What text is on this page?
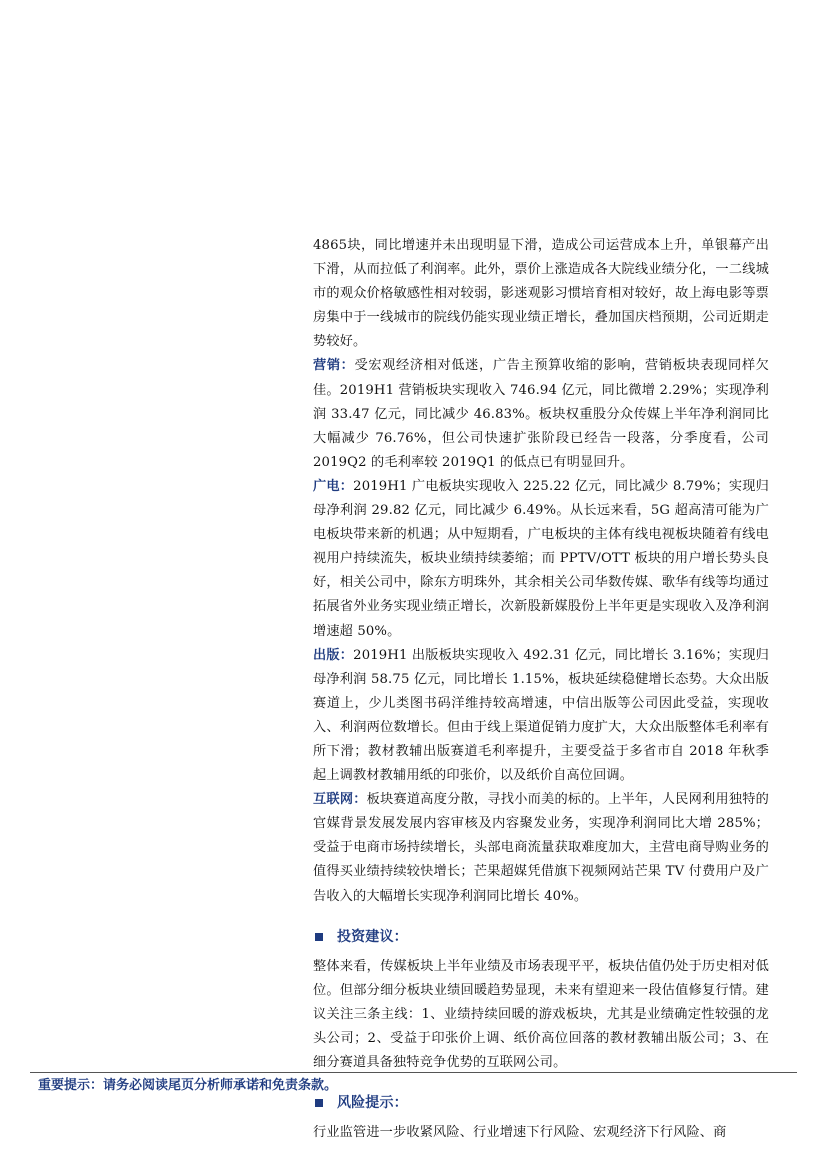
4865块，同比增速并未出现明显下滑，造成公司运营成本上升，单银幕产出下滑，从而拉低了利润率。此外，票价上涨造成各大院线业绩分化，一二线城市的观众价格敏感性相对较弱，影迷观影习惯培育相对较好，故上海电影等票房集中于一线城市的院线仍能实现业绩正增长，叠加国庆档预期，公司近期走势较好。

营销：受宏观经济相对低迷，广告主预算收缩的影响，营销板块表现同样欠佳。2019H1 营销板块实现收入 746.94 亿元，同比微增 2.29%；实现净利润 33.47 亿元，同比减少 46.83%。板块权重股分众传媒上半年净利润同比大幅减少 76.76%，但公司快速扩张阶段已经告一段落，分季度看，公司 2019Q2 的毛利率较 2019Q1 的低点已有明显回升。

广电：2019H1 广电板块实现收入 225.22 亿元，同比减少 8.79%；实现归母净利润 29.82 亿元，同比减少 6.49%。从长远来看，5G 超高清可能为广电板块带来新的机遇；从中短期看，广电板块的主体有线电视板块随着有线电视用户持续流失，板块业绩持续萎缩；而 PPTV/OTT 板块的用户增长势头良好，相关公司中，除东方明珠外，其余相关公司华数传媒、歌华有线等均通过拓展省外业务实现业绩正增长，次新股新媒股份上半年更是实现收入及净利润增速超 50%。

出版：2019H1 出版板块实现收入 492.31 亿元，同比增长 3.16%；实现归母净利润 58.75 亿元，同比增长 1.15%，板块延续稳健增长态势。大众出版赛道上，少儿类图书码洋维持较高增速，中信出版等公司因此受益，实现收入、利润两位数增长。但由于线上渠道促销力度扩大，大众出版整体毛利率有所下滑；教材教辅出版赛道毛利率提升，主要受益于多省市自 2018 年秋季起上调教材教辅用纸的印张价，以及纸价自高位回调。

互联网：板块赛道高度分散，寻找小而美的标的。上半年，人民网利用独特的官媒背景发展发展内容审核及内容聚发业务，实现净利润同比大增 285%；受益于电商市场持续增长，头部电商流量获取难度加大，主营电商导购业务的值得买业绩持续较快增长；芒果超媒凭借旗下视频网站芒果 TV 付费用户及广告收入的大幅增长实现净利润同比增长 40%。

投资建议：

整体来看，传媒板块上半年业绩及市场表现平平，板块估值仍处于历史相对低位。但部分细分板块业绩回暖趋势显现，未来有望迎来一段估值修复行情。建议关注三条主线：1、业绩持续回暖的游戏板块，尤其是业绩确定性较强的龙头公司；2、受益于印张价上调、纸价高位回落的教材教辅出版公司；3、在细分赛道具备独特竞争优势的互联网公司。

风险提示：

行业监管进一步收紧风险、行业增速下行风险、宏观经济下行风险、商

重要提示：请务必阅读尾页分析师承诺和免责条款。
